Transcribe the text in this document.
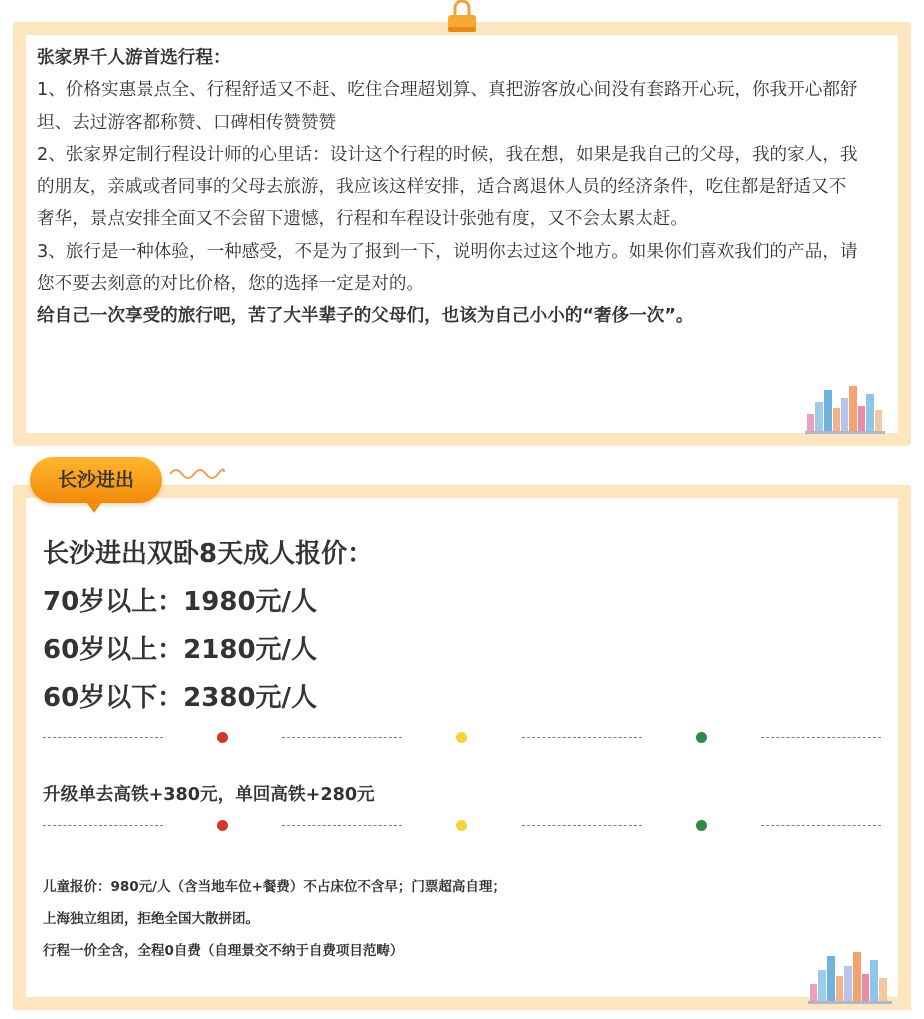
张家界千人游首选行程：

1、价格实惠景点全、行程舒适又不赶、吃住合理超划算、真把游客放心间没有套路开心玩，你我开心都舒坦、去过游客都称赞、口碑相传赞赞赞

2、张家界定制行程设计师的心里话：设计这个行程的时候，我在想，如果是我自己的父母，我的家人，我的朋友，亲戚或者同事的父母去旅游，我应该这样安排，适合离退休人员的经济条件，吃住都是舒适又不奢华，景点安排全面又不会留下遗憾，行程和车程设计张弛有度，又不会太累太赶。

3、旅行是一种体验，一种感受，不是为了报到一下，说明你去过这个地方。如果你们喜欢我们的产品，请您不要去刻意的对比价格，您的选择一定是对的。

给自己一次享受的旅行吧，苦了大半辈子的父母们，也该为自己小小的“奢侈一次”。

长沙进出
长沙进出双卧8天成人报价：
70岁以上：1980元/人
60岁以上：2180元/人
60岁以下：2380元/人
升级单去高铁+380元，单回高铁+280元
儿童报价：980元/人（含当地车位+餐费）不占床位不含早；门票超高自理；
上海独立组团，拒绝全国大散拼团。
行程一价全含，全程0自费（自理景交不纳于自费项目范畴）
